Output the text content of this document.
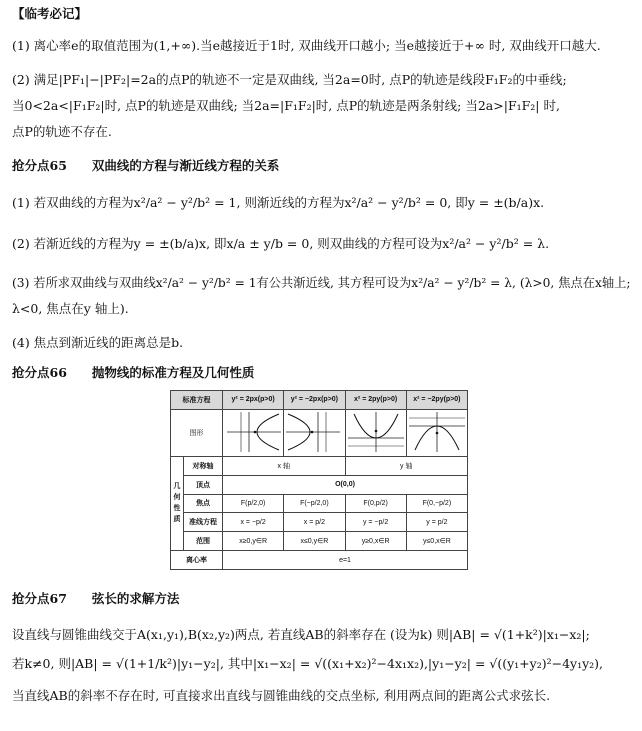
【临考必记】
(1) 离心率e的取值范围为(1,+∞).当e越接近于1时, 双曲线开口越小; 当e越接近于+∞ 时, 双曲线开口越大.
(2) 满足|PF₁|−|PF₂|=2a的点P的轨迹不一定是双曲线, 当2a=0时, 点P的轨迹是线段F₁F₂的中垂线;
当0<2a<|F₁F₂|时, 点P的轨迹是双曲线; 当2a=|F₁F₂|时, 点P的轨迹是两条射线; 当2a>|F₁F₂| 时,
点P的轨迹不存在.
抢分点65　　双曲线的方程与渐近线方程的关系
(1) 若双曲线的方程为x²/a² − y²/b² = 1, 则渐近线的方程为x²/a² − y²/b² = 0, 即y = ±(b/a)x.
(2) 若渐近线的方程为y = ±(b/a)x, 即x/a ± y/b = 0, 则双曲线的方程可设为x²/a² − y²/b² = λ.
(3) 若所求双曲线与双曲线x²/a² − y²/b² = 1有公共渐近线, 其方程可设为x²/a² − y²/b² = λ, (λ>0, 焦点在x轴上;
λ<0, 焦点在y 轴上).
(4) 焦点到渐近线的距离总是b.
抢分点66　　抛物线的标准方程及几何性质
标准方程		y² = 2px(p>0)	y² = −2px(p>0)	x² = 2py(p>0)	x² = −2py(p>0)
图形				
几何性质	对称轴	x 轴		y 轴	
	顶点	O(0,0)			
	焦点	F(p/2,0)	F(−p/2,0)	F(0,p/2)	F(0,−p/2)
	准线方程	x = −p/2	x = p/2	y = −p/2	y = p/2
	范围	x≥0,y∈R	x≤0,y∈R	y≥0,x∈R	y≤0,x∈R
离心率		e=1			
抢分点67　　弦长的求解方法
设直线与圆锥曲线交于A(x₁,y₁),B(x₂,y₂)两点, 若直线AB的斜率存在 (设为k) 则|AB| = √(1+k²)|x₁−x₂|;
若k≠0, 则|AB| = √(1+1/k²)|y₁−y₂|, 其中|x₁−x₂| = √((x₁+x₂)²−4x₁x₂),|y₁−y₂| = √((y₁+y₂)²−4y₁y₂),
当直线AB的斜率不存在时, 可直接求出直线与圆锥曲线的交点坐标, 利用两点间的距离公式求弦长.
